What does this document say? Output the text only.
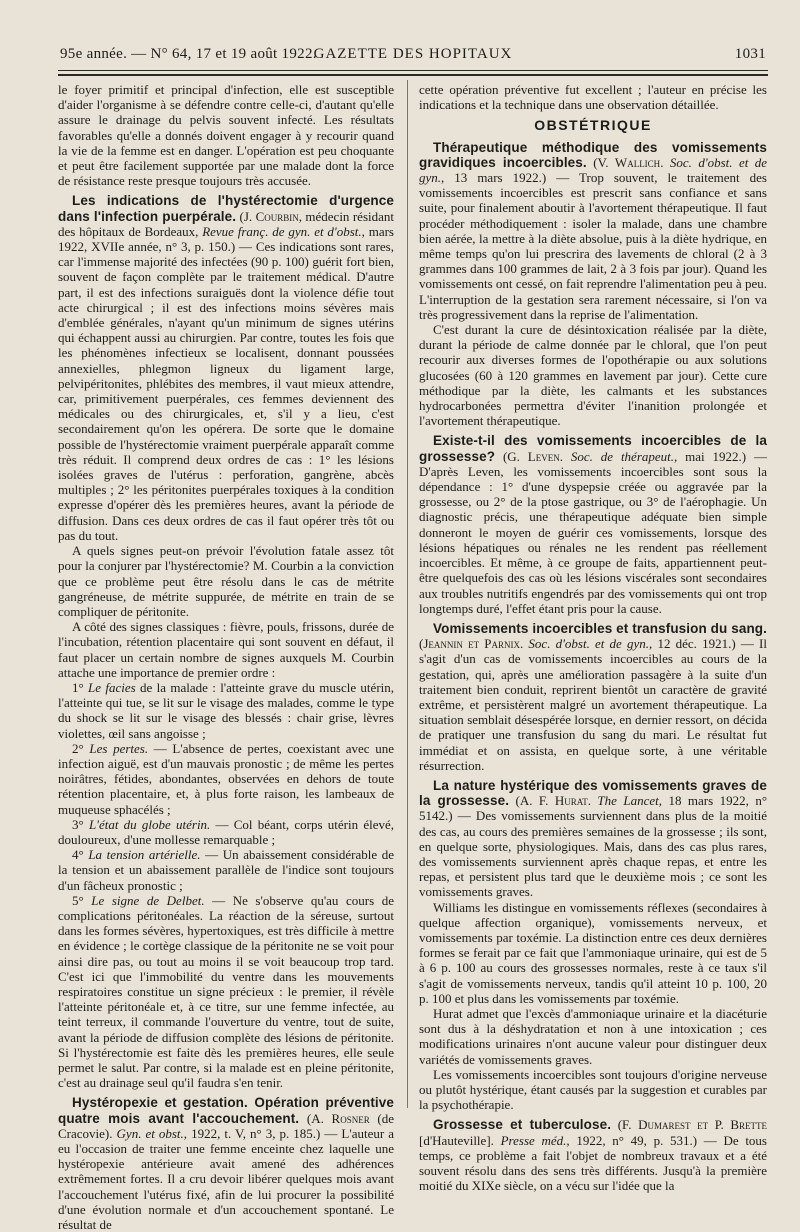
95e année. — N° 64, 17 et 19 août 1922.
GAZETTE DES HOPITAUX	1031

le foyer primitif et principal d'infection, elle est susceptible d'aider l'organisme à se défendre contre celle-ci, d'autant qu'elle assure le drainage du pelvis souvent infecté. Les résultats favorables qu'elle a donnés doivent engager à y recourir quand la vie de la femme est en danger. L'opération est peu choquante et peut être facilement supportée par une malade dont la force de résistance reste presque toujours très accusée.

Les indications de l'hystérectomie d'urgence dans l'infection puerpérale. (J. Courbin, médecin résidant des hôpitaux de Bordeaux, Revue franç. de gyn. et d'obst., mars 1922, XVIIe année, n° 3, p. 150.) — Ces indications sont rares, car l'immense majorité des infectées (90 p. 100) guérit fort bien, souvent de façon complète par le traitement médical. D'autre part, il est des infections suraiguës dont la violence défie tout acte chirurgical ; il est des infections moins sévères mais d'emblée générales, n'ayant qu'un minimum de signes utérins qui échappent aussi au chirurgien. Par contre, toutes les fois que les phénomènes infectieux se localisent, donnant poussées annexielles, phlegmon ligneux du ligament large, pelvipéritonites, phlébites des membres, il vaut mieux attendre, car, primitivement puerpérales, ces femmes deviennent des médicales ou des chirurgicales, et, s'il y a lieu, c'est secondairement qu'on les opérera. De sorte que le domaine possible de l'hystérectomie vraiment puerpérale apparaît comme très réduit. Il comprend deux ordres de cas : 1° les lésions isolées graves de l'utérus : perforation, gangrène, abcès multiples ; 2° les péritonites puerpérales toxiques à la condition expresse d'opérer dès les premières heures, avant la période de diffusion. Dans ces deux ordres de cas il faut opérer très tôt ou pas du tout.

A quels signes peut-on prévoir l'évolution fatale assez tôt pour la conjurer par l'hystérectomie? M. Courbin a la conviction que ce problème peut être résolu dans le cas de métrite gangréneuse, de métrite suppurée, de métrite en train de se compliquer de péritonite.

A côté des signes classiques : fièvre, pouls, frissons, durée de l'incubation, rétention placentaire qui sont souvent en défaut, il faut placer un certain nombre de signes auxquels M. Courbin attache une importance de premier ordre :

1° Le facies de la malade : l'atteinte grave du muscle utérin, l'atteinte qui tue, se lit sur le visage des malades, comme le type du shock se lit sur le visage des blessés : chair grise, lèvres violettes, œil sans angoisse ;

2° Les pertes. — L'absence de pertes, coexistant avec une infection aiguë, est d'un mauvais pronostic ; de même les pertes noirâtres, fétides, abondantes, observées en dehors de toute rétention placentaire, et, à plus forte raison, les lambeaux de muqueuse sphacélés ;

3° L'état du globe utérin. — Col béant, corps utérin élevé, douloureux, d'une mollesse remarquable ;

4° La tension artérielle. — Un abaissement considérable de la tension et un abaissement parallèle de l'indice sont toujours d'un fâcheux pronostic ;

5° Le signe de Delbet. — Ne s'observe qu'au cours de complications péritonéales. La réaction de la séreuse, surtout dans les formes sévères, hypertoxiques, est très difficile à mettre en évidence ; le cortège classique de la péritonite ne se voit pour ainsi dire pas, ou tout au moins il se voit beaucoup trop tard. C'est ici que l'immobilité du ventre dans les mouvements respiratoires constitue un signe précieux : le premier, il révèle l'atteinte péritonéale et, à ce titre, sur une femme infectée, au teint terreux, il commande l'ouverture du ventre, tout de suite, avant la période de diffusion complète des lésions de péritonite. Si l'hystérectomie est faite dès les premières heures, elle seule permet le salut. Par contre, si la malade est en pleine péritonite, c'est au drainage seul qu'il faudra s'en tenir.

Hystéropexie et gestation. Opération préventive quatre mois avant l'accouchement. (A. Rosner (de Cracovie). Gyn. et obst., 1922, t. V, n° 3, p. 185.) — L'auteur a eu l'occasion de traiter une femme enceinte chez laquelle une hystéropexie antérieure avait amené des adhérences extrêmement fortes. Il a cru devoir libérer quelques mois avant l'accouchement l'utérus fixé, afin de lui procurer la possibilité d'une évolution normale et d'un accouchement spontané. Le résultat de

cette opération préventive fut excellent ; l'auteur en précise les indications et la technique dans une observation détaillée.

OBSTÉTRIQUE

Thérapeutique méthodique des vomissements gravidiques incoercibles. (V. Wallich. Soc. d'obst. et de gyn., 13 mars 1922.) — Trop souvent, le traitement des vomissements incoercibles est prescrit sans confiance et sans suite, pour finalement aboutir à l'avortement thérapeutique. Il faut procéder méthodiquement : isoler la malade, dans une chambre bien aérée, la mettre à la diète absolue, puis à la diète hydrique, en même temps qu'on lui prescrira des lavements de chloral (2 à 3 grammes dans 100 grammes de lait, 2 à 3 fois par jour). Quand les vomissements ont cessé, on fait reprendre l'alimentation peu à peu. L'interruption de la gestation sera rarement nécessaire, si l'on va très progressivement dans la reprise de l'alimentation.

C'est durant la cure de désintoxication réalisée par la diète, durant la période de calme donnée par le chloral, que l'on peut recourir aux diverses formes de l'opothérapie ou aux solutions glucosées (60 à 120 grammes en lavement par jour). Cette cure méthodique par la diète, les calmants et les substances hydrocarbonées permettra d'éviter l'inanition prolongée et l'avortement thérapeutique.

Existe-t-il des vomissements incoercibles de la grossesse? (G. Leven. Soc. de thérapeut., mai 1922.) — D'après Leven, les vomissements incoercibles sont sous la dépendance : 1° d'une dyspepsie créée ou aggravée par la grossesse, ou 2° de la ptose gastrique, ou 3° de l'aérophagie. Un diagnostic précis, une thérapeutique adéquate bien simple donneront le moyen de guérir ces vomissements, lorsque des lésions hépatiques ou rénales ne les rendent pas réellement incoercibles. Et même, à ce groupe de faits, appartiennent peut-être quelquefois des cas où les lésions viscérales sont secondaires aux troubles nutritifs engendrés par des vomissements qui ont trop longtemps duré, l'effet étant pris pour la cause.

Vomissements incoercibles et transfusion du sang. (Jeannin et Parnix. Soc. d'obst. et de gyn., 12 déc. 1921.) — Il s'agit d'un cas de vomissements incoercibles au cours de la gestation, qui, après une amélioration passagère à la suite d'un traitement bien conduit, reprirent bientôt un caractère de gravité extrême, et persistèrent malgré un avortement thérapeutique. La situation semblait désespérée lorsque, en dernier ressort, on décida de pratiquer une transfusion du sang du mari. Le résultat fut immédiat et on assista, en quelque sorte, à une véritable résurrection.

La nature hystérique des vomissements graves de la grossesse. (A. F. Hurat. The Lancet, 18 mars 1922, n° 5142.) — Des vomissements surviennent dans plus de la moitié des cas, au cours des premières semaines de la grossesse ; ils sont, en quelque sorte, physiologiques. Mais, dans des cas plus rares, des vomissements surviennent après chaque repas, et entre les repas, et persistent plus tard que le deuxième mois ; ce sont les vomissements graves.

Williams les distingue en vomissements réflexes (secondaires à quelque affection organique), vomissements nerveux, et vomissements par toxémie. La distinction entre ces deux dernières formes se ferait par ce fait que l'ammoniaque urinaire, qui est de 5 à 6 p. 100 au cours des grossesses normales, reste à ce taux s'il s'agit de vomissements nerveux, tandis qu'il atteint 10 p. 100, 20 p. 100 et plus dans les vomissements par toxémie.

Hurat admet que l'excès d'ammoniaque urinaire et la diacéturie sont dus à la déshydratation et non à une intoxication ; ces modifications urinaires n'ont aucune valeur pour distinguer deux variétés de vomissements graves.

Les vomissements incoercibles sont toujours d'origine nerveuse ou plutôt hystérique, étant causés par la suggestion et curables par la psychothérapie.

Grossesse et tuberculose. (F. Dumarest et P. Brette [d'Hauteville]. Presse méd., 1922, n° 49, p. 531.) — De tous temps, ce problème a fait l'objet de nombreux travaux et a été souvent résolu dans des sens très différents. Jusqu'à la première moitié du XIXe siècle, on a vécu sur l'idée que la
